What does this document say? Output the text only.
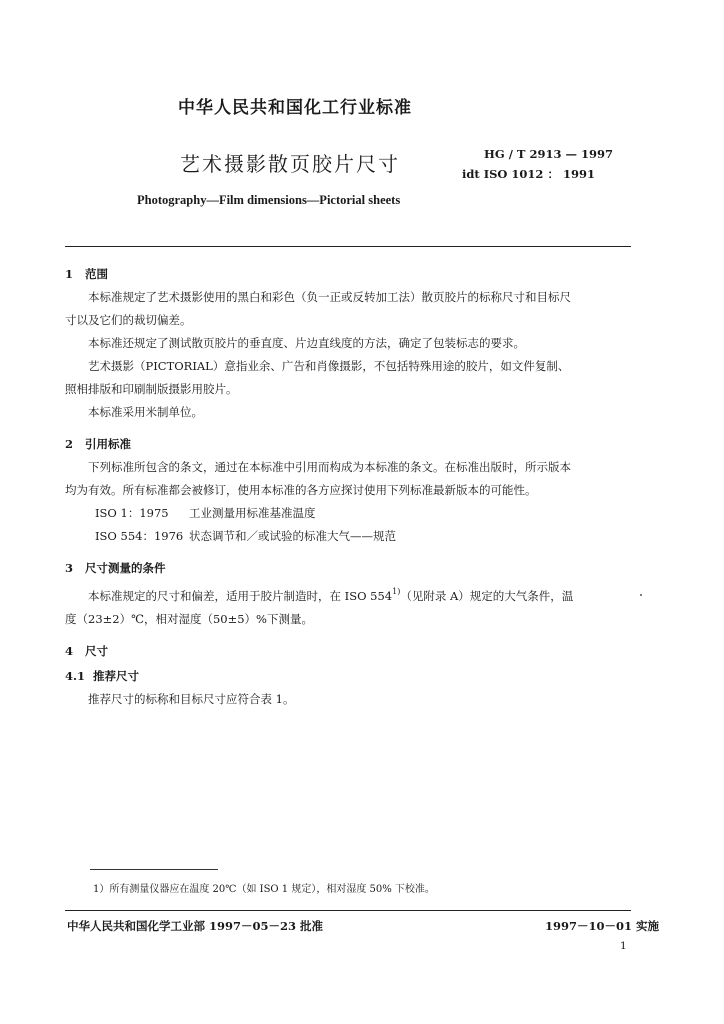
中华人民共和国化工行业标准
艺术摄影散页胶片尺寸	HG / T 2913 — 1997
idt ISO 1012 ： 1991
Photography—Film dimensions—Pictorial sheets
1 范围
本标准规定了艺术摄影使用的黑白和彩色（负一正或反转加工法）散页胶片的标称尺寸和目标尺
寸以及它们的裁切偏差。
本标准还规定了测试散页胶片的垂直度、片边直线度的方法，确定了包装标志的要求。
艺术摄影（PICTORIAL）意指业余、广告和肖像摄影，不包括特殊用途的胶片，如文件复制、
照相排版和印刷制版摄影用胶片。
本标准采用米制单位。
2 引用标准
下列标准所包含的条文，通过在本标准中引用而构成为本标准的条文。在标准出版时，所示版本
均为有效。所有标准都会被修订，使用本标准的各方应探讨使用下列标准最新版本的可能性。
ISO 1：1975 工业测量用标准基准温度
ISO 554：1976 状态调节和／或试验的标准大气——规范
3 尺寸测量的条件
本标准规定的尺寸和偏差，适用于胶片制造时，在 ISO 554$^{1)}$（见附录 A）规定的大气条件，温
度（23±2）℃，相对湿度（50±5）%下测量。
4 尺寸
4.1 推荐尺寸
推荐尺寸的标称和目标尺寸应符合表 1。
1）所有测量仪器应在温度 20℃（如 ISO 1 规定），相对湿度 50% 下校准。
中华人民共和国化学工业部 1997－05－23 批准	1997－10－01 实施
1
